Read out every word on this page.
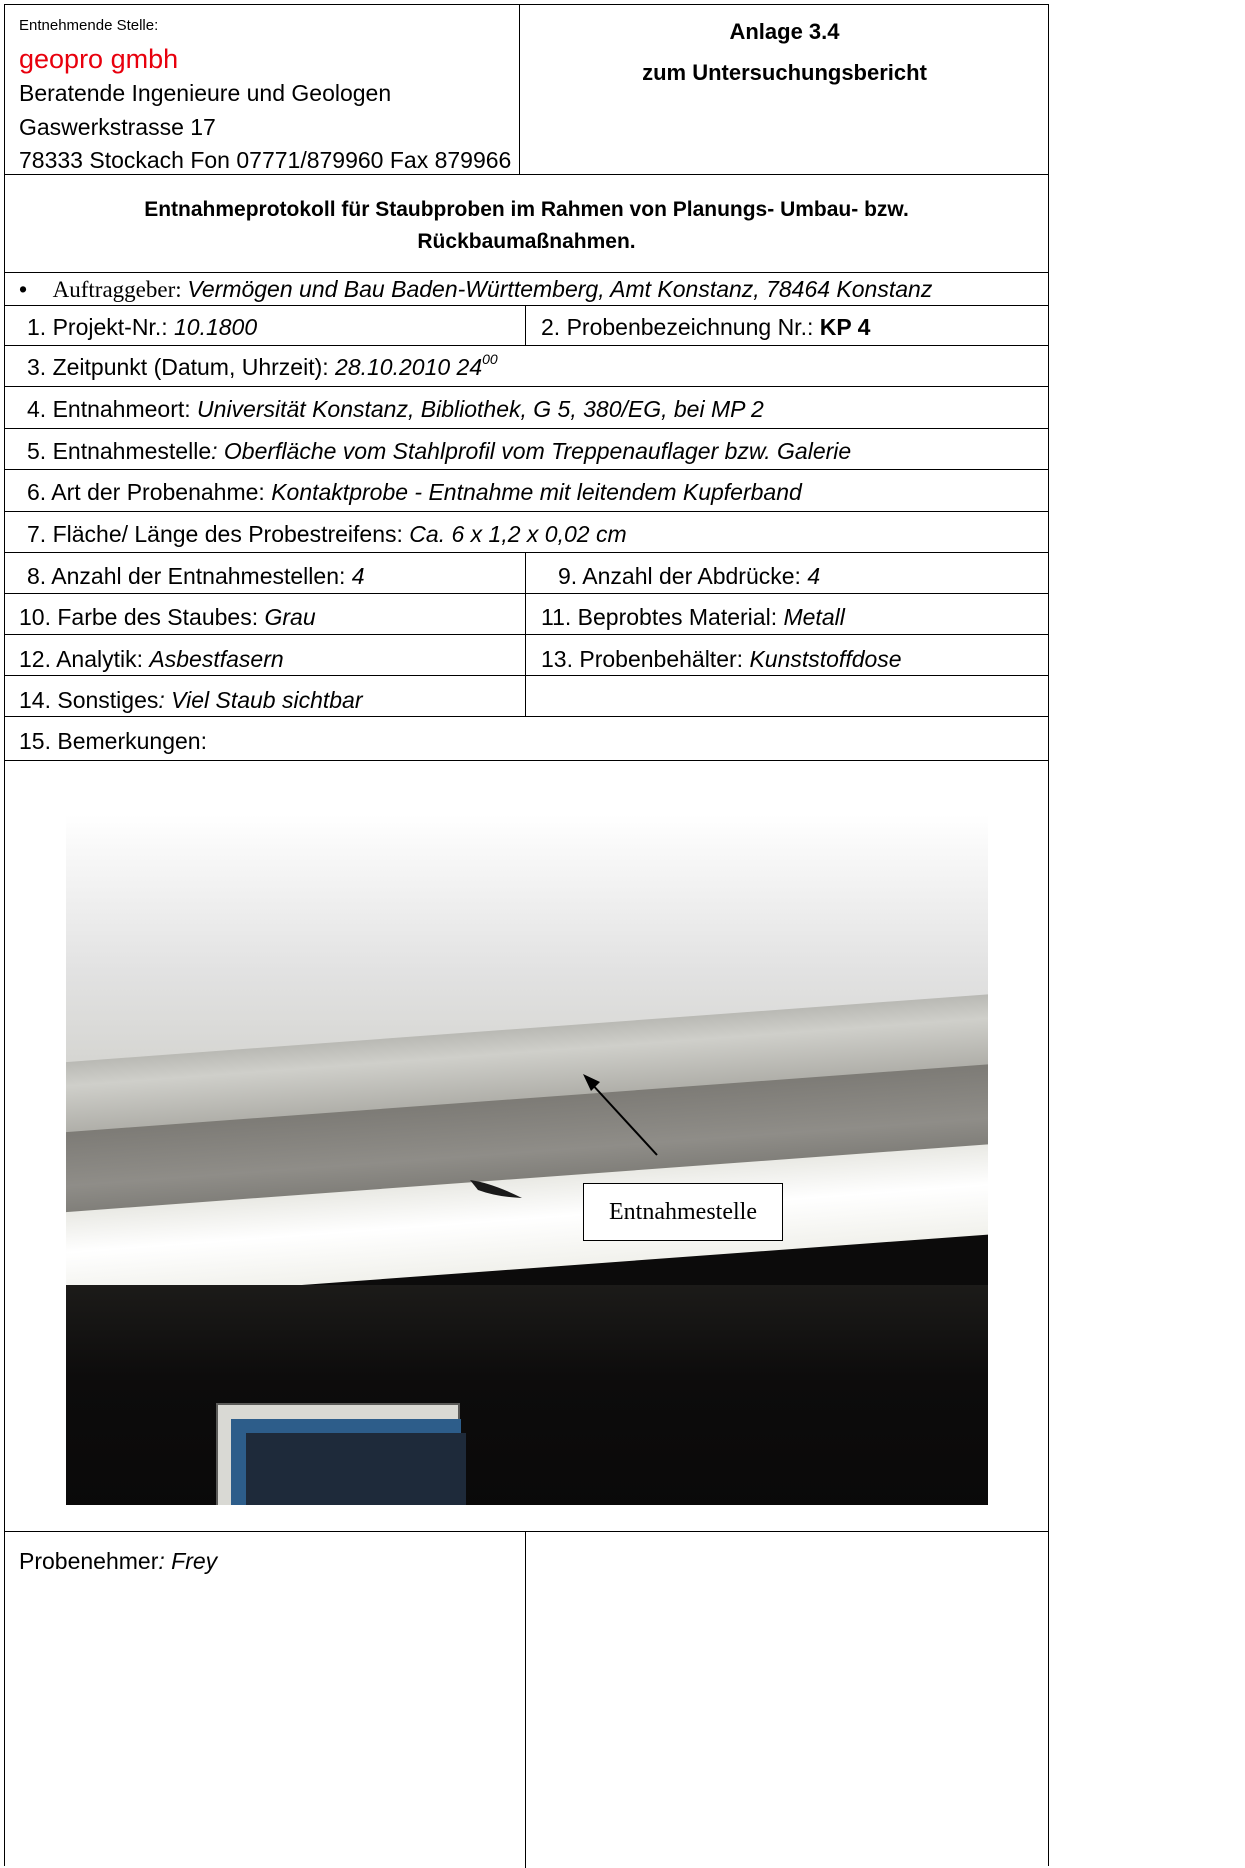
Entnehmende Stelle:
geopro gmbh
Beratende Ingenieure und Geologen
Gaswerkstrasse 17
78333 Stockach Fon 07771/879960 Fax 879966
Anlage 3.4
zum Untersuchungsbericht
Entnahmeprotokoll für Staubproben im Rahmen von Planungs- Umbau- bzw.
Rückbaumaßnahmen.
• Auftraggeber: Vermögen und Bau Baden-Württemberg, Amt Konstanz, 78464 Konstanz
1. Projekt-Nr.: 10.1800	2. Probenbezeichnung Nr.: KP 4
3. Zeitpunkt (Datum, Uhrzeit): 28.10.2010 $24^{00}$
4. Entnahmeort: Universität Konstanz, Bibliothek, G 5, 380/EG, bei MP 2
5. Entnahmestelle: Oberfläche vom Stahlprofil vom Treppenauflager bzw. Galerie
6. Art der Probenahme: Kontaktprobe - Entnahme mit leitendem Kupferband
7. Fläche/ Länge des Probestreifens: Ca. 6 x 1,2 x 0,02 cm
8. Anzahl der Entnahmestellen: 4	9. Anzahl der Abdrücke: 4
10. Farbe des Staubes: Grau	11. Beprobtes Material: Metall
12. Analytik: Asbestfasern	13. Probenbehälter: Kunststoffdose
14. Sonstiges: Viel Staub sichtbar
15. Bemerkungen:
Entnahmestelle
Probenehmer: Frey
